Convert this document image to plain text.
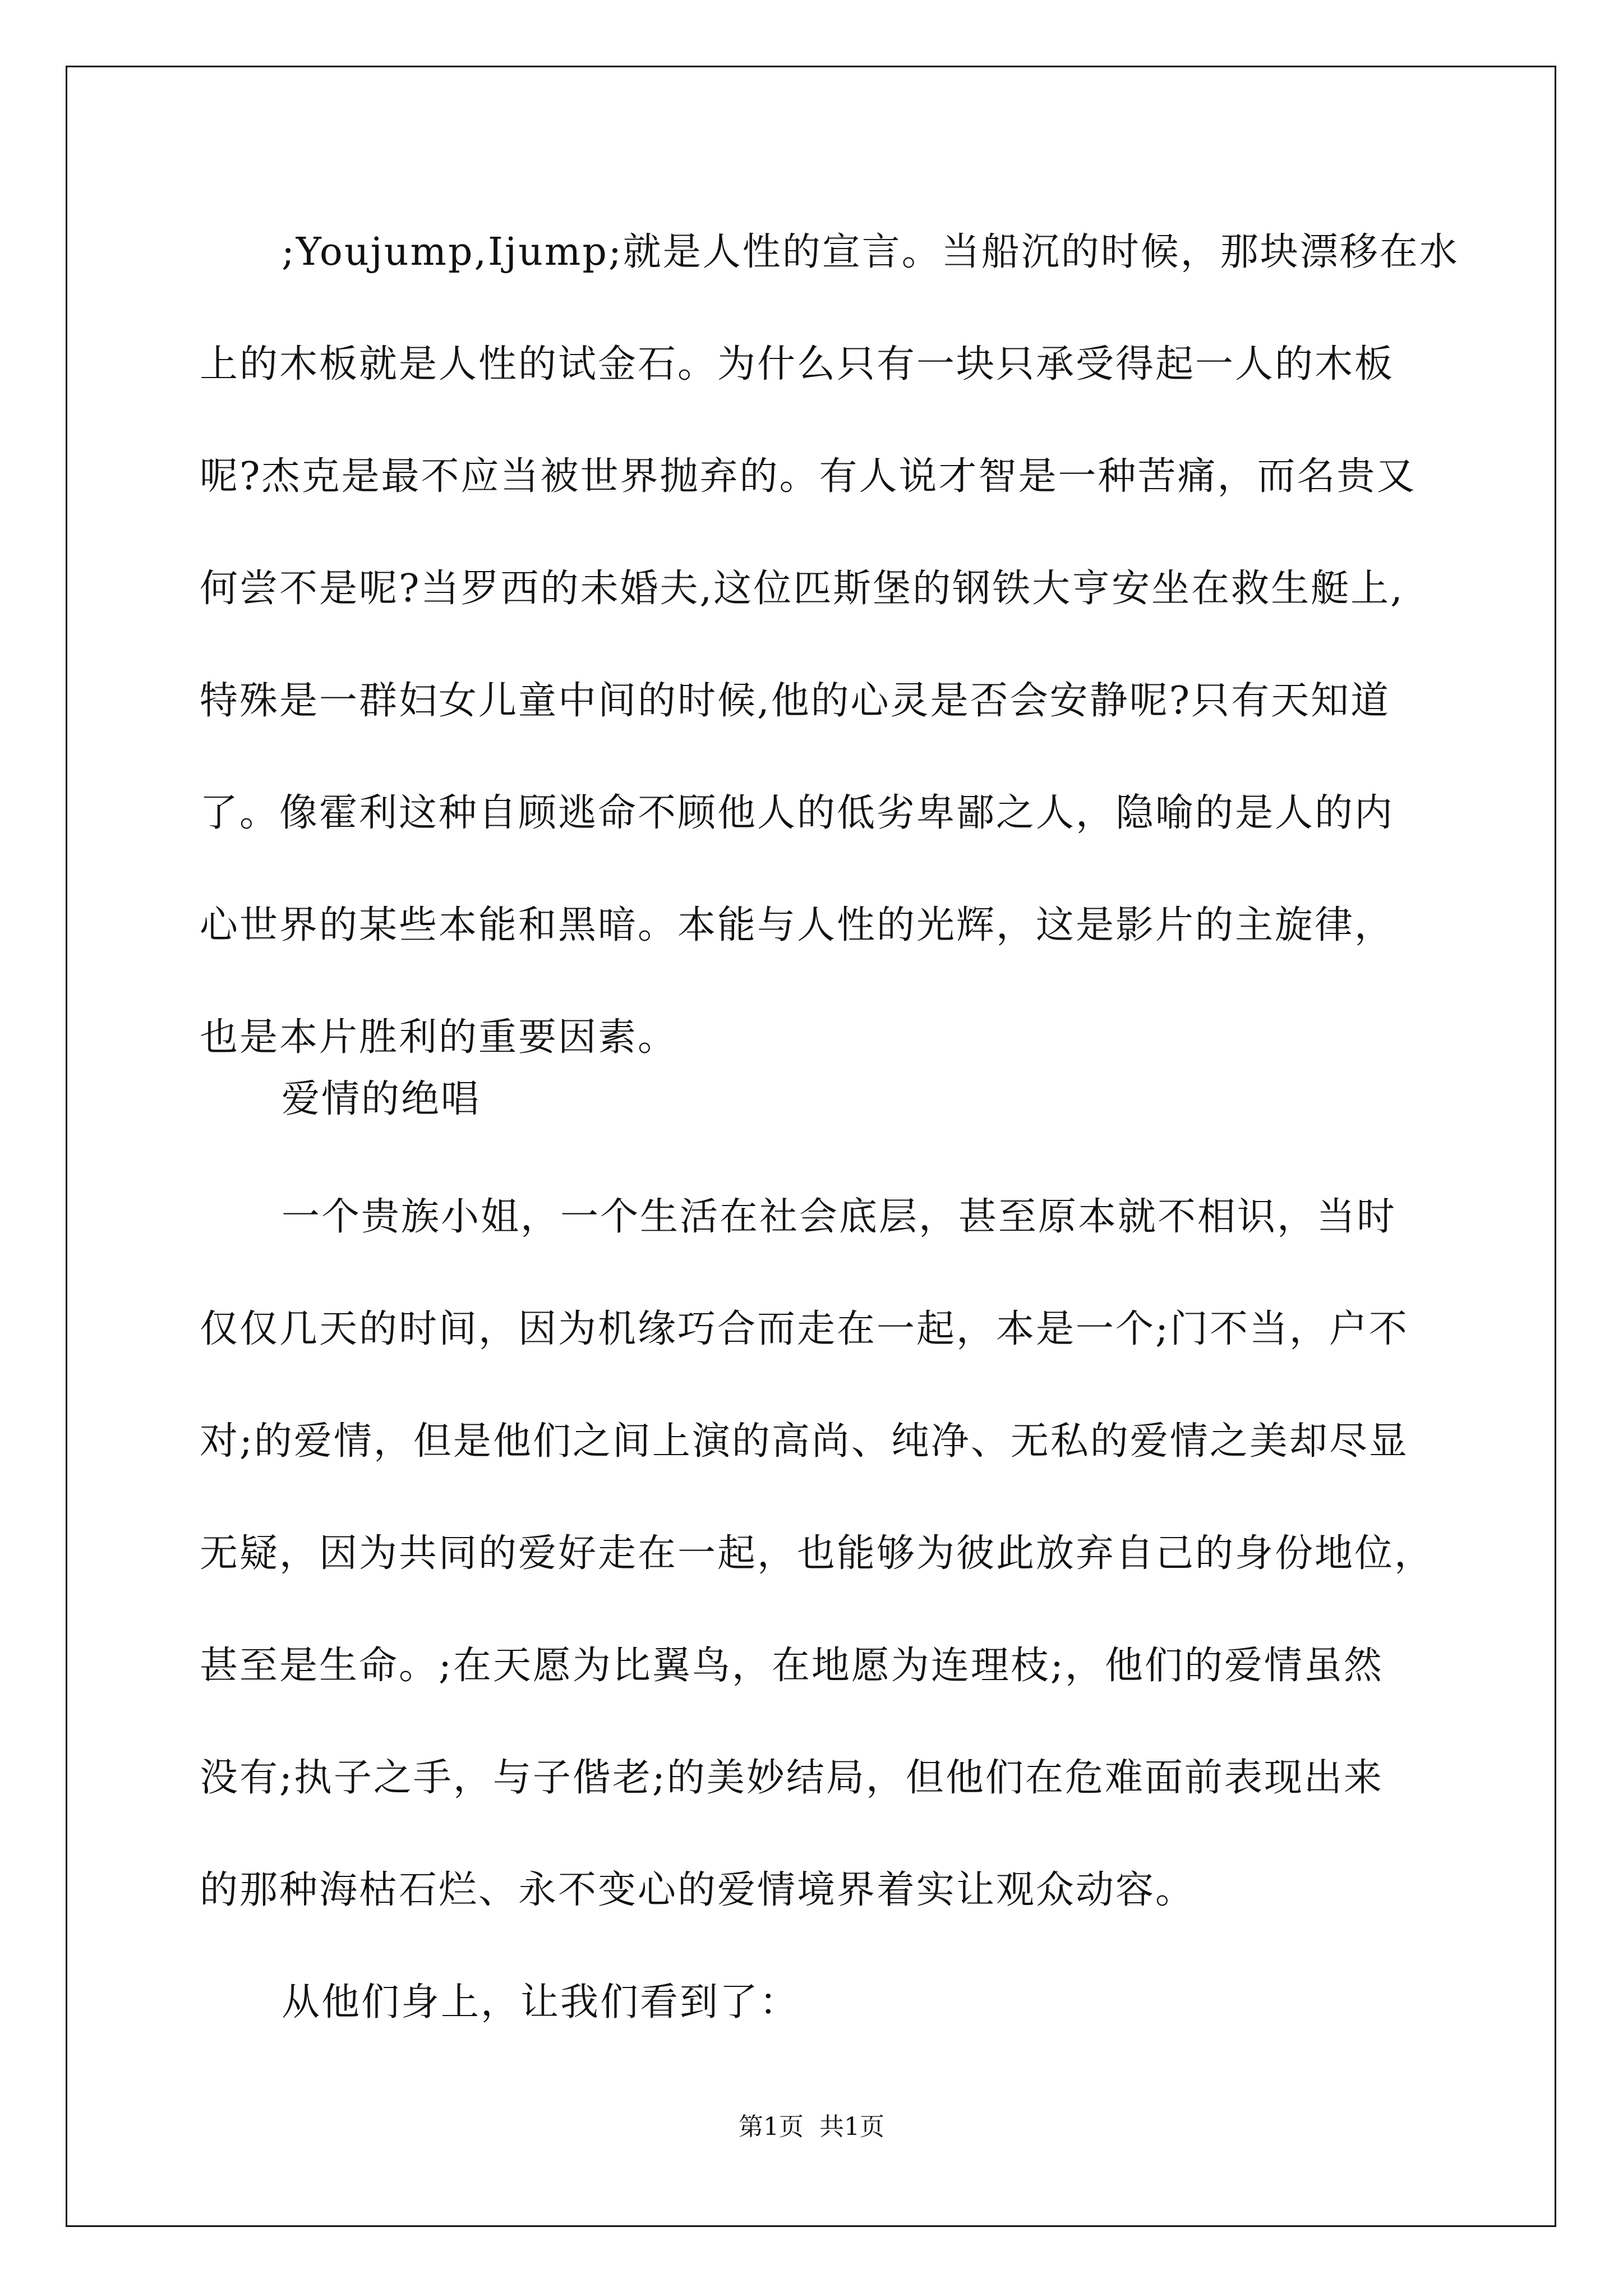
;Youjump,Ijump;就是人性的宣言。当船沉的时候，那块漂移在水
上的木板就是人性的试金石。为什么只有一块只承受得起一人的木板
呢?杰克是最不应当被世界抛弃的。有人说才智是一种苦痛，而名贵又
何尝不是呢?当罗西的未婚夫,这位匹斯堡的钢铁大亨安坐在救生艇上,
特殊是一群妇女儿童中间的时候,他的心灵是否会安静呢?只有天知道
了。像霍利这种自顾逃命不顾他人的低劣卑鄙之人，隐喻的是人的内
心世界的某些本能和黑暗。本能与人性的光辉，这是影片的主旋律，
也是本片胜利的重要因素。
爱情的绝唱
一个贵族小姐，一个生活在社会底层，甚至原本就不相识，当时
仅仅几天的时间，因为机缘巧合而走在一起，本是一个;门不当，户不
对;的爱情，但是他们之间上演的高尚、纯净、无私的爱情之美却尽显
无疑，因为共同的爱好走在一起，也能够为彼此放弃自己的身份地位，
甚至是生命。;在天愿为比翼鸟，在地愿为连理枝;，他们的爱情虽然
没有;执子之手，与子偕老;的美妙结局，但他们在危难面前表现出来
的那种海枯石烂、永不变心的爱情境界着实让观众动容。
从他们身上，让我们看到了：
第1页 共1页
